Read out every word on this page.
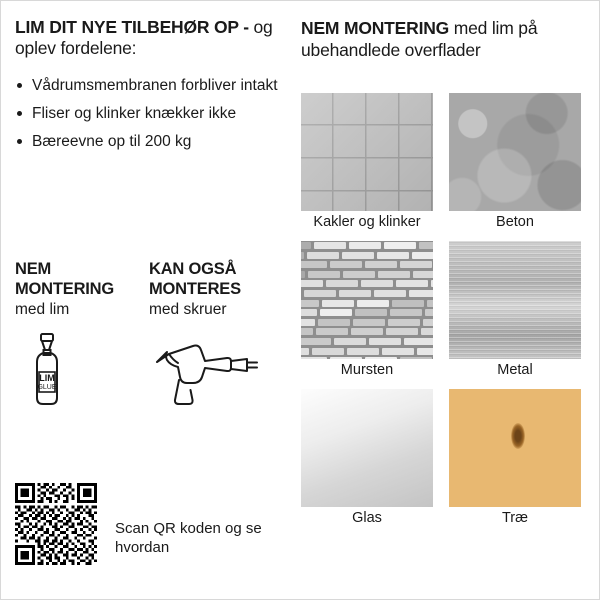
LIM DIT NYE TILBEHØR OP - og oplev fordelene:
Vådrumsmembranen forbliver intakt
Fliser og klinker knækker ikke
Bæreevne op til 200 kg
NEM MONTERING
med lim
LIM
GLUE
KAN OGSÅ MONTERES
med skruer
Scan QR koden og se hvordan
NEM MONTERING med lim på ubehandlede overflader
Kakler og klinker	Beton
Mursten	Metal
Glas	Træ
